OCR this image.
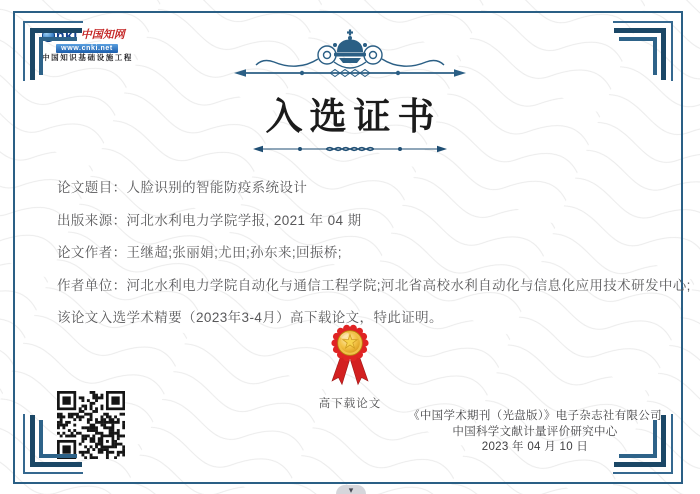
nki 中国知网
www.cnki.net
中国知识基础设施工程
入选证书
论文题目：人脸识别的智能防疫系统设计
出版来源：河北水利电力学院学报, 2021 年 04 期
论文作者：王继超;张丽娟;尤田;孙东来;回振桥;
作者单位：河北水利电力学院自动化与通信工程学院;河北省高校水利自动化与信息化应用技术研发中心;
该论文入选学术精要（2023年3-4月）高下载论文，特此证明。
高下载论文
《中国学术期刊（光盘版）》电子杂志社有限公司
中国科学文献计量评价研究中心
2023 年 04 月 10 日
▾
